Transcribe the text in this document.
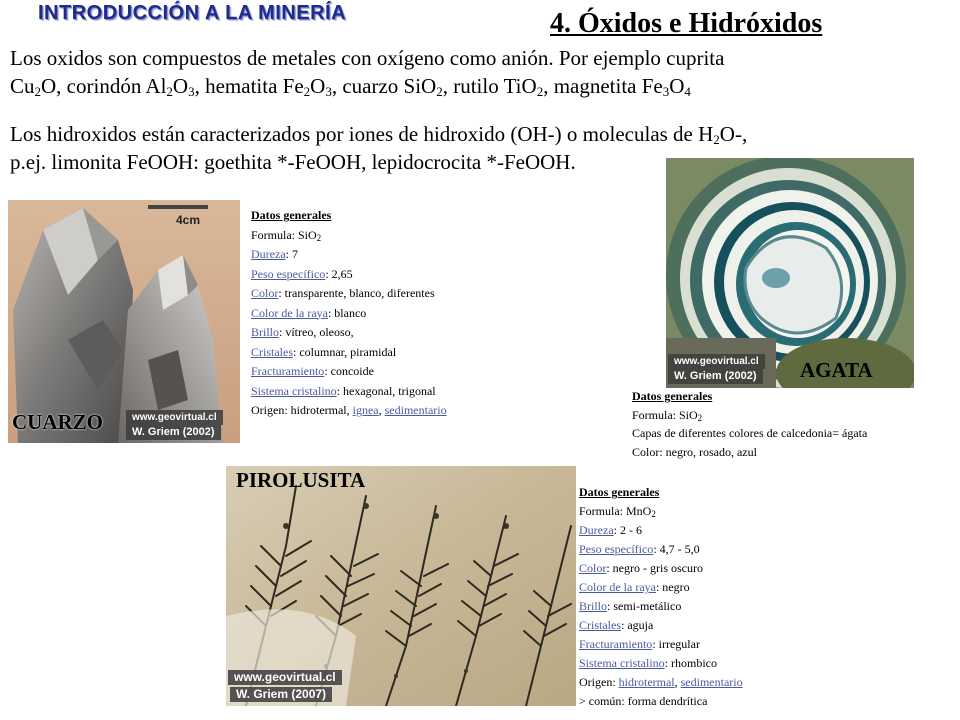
INTRODUCCIÓN A LA MINERÍA	4. Óxidos e Hidróxidos
Los oxidos son compuestos de metales con oxígeno como anión. Por ejemplo cuprita
$Cu_2O$, corindón $Al_2O_3$, hematita $Fe_2O_3$, cuarzo SiO$_2$, rutilo TiO$_2$, magnetita $Fe_3O_4$
Los hidroxidos están caracterizados por iones de hidroxido (OH-) o moleculas de $H_2O-$,
p.ej. limonita FeOOH: goethita *-FeOOH, lepidocrocita *-FeOOH.
4cm
www.geovirtual.cl
W. Griem (2002)
CUARZO
Datos generales
Formula: SiO$_2$
Dureza: 7
Peso específico: 2,65
Color: transparente, blanco, diferentes
Color de la raya: blanco
Brillo: vítreo, oleoso,
Cristales: columnar, piramidal
Fracturamiento: concoide
Sistema cristalino: hexagonal, trigonal
Origen: hidrotermal, ignea, sedimentario
www.geovirtual.cl
W. Griem (2002) AGATA
Datos generales
Formula: SiO$_2$
Capas de diferentes colores de calcedonia= ágata
Color: negro, rosado, azul
www.geovirtual.cl
W. Griem (2007)
PIROLUSITA	Datos generales
Formula: MnO$_2$
Dureza: 2 - 6
Peso específico: 4,7 - 5,0
Color: negro - gris oscuro
Color de la raya: negro
Brillo: semi-metálico
Cristales: aguja
Fracturamiento: irregular
Sistema cristalino: rhombico
Origen: hidrotermal, sedimentario
> común: forma dendrítica
